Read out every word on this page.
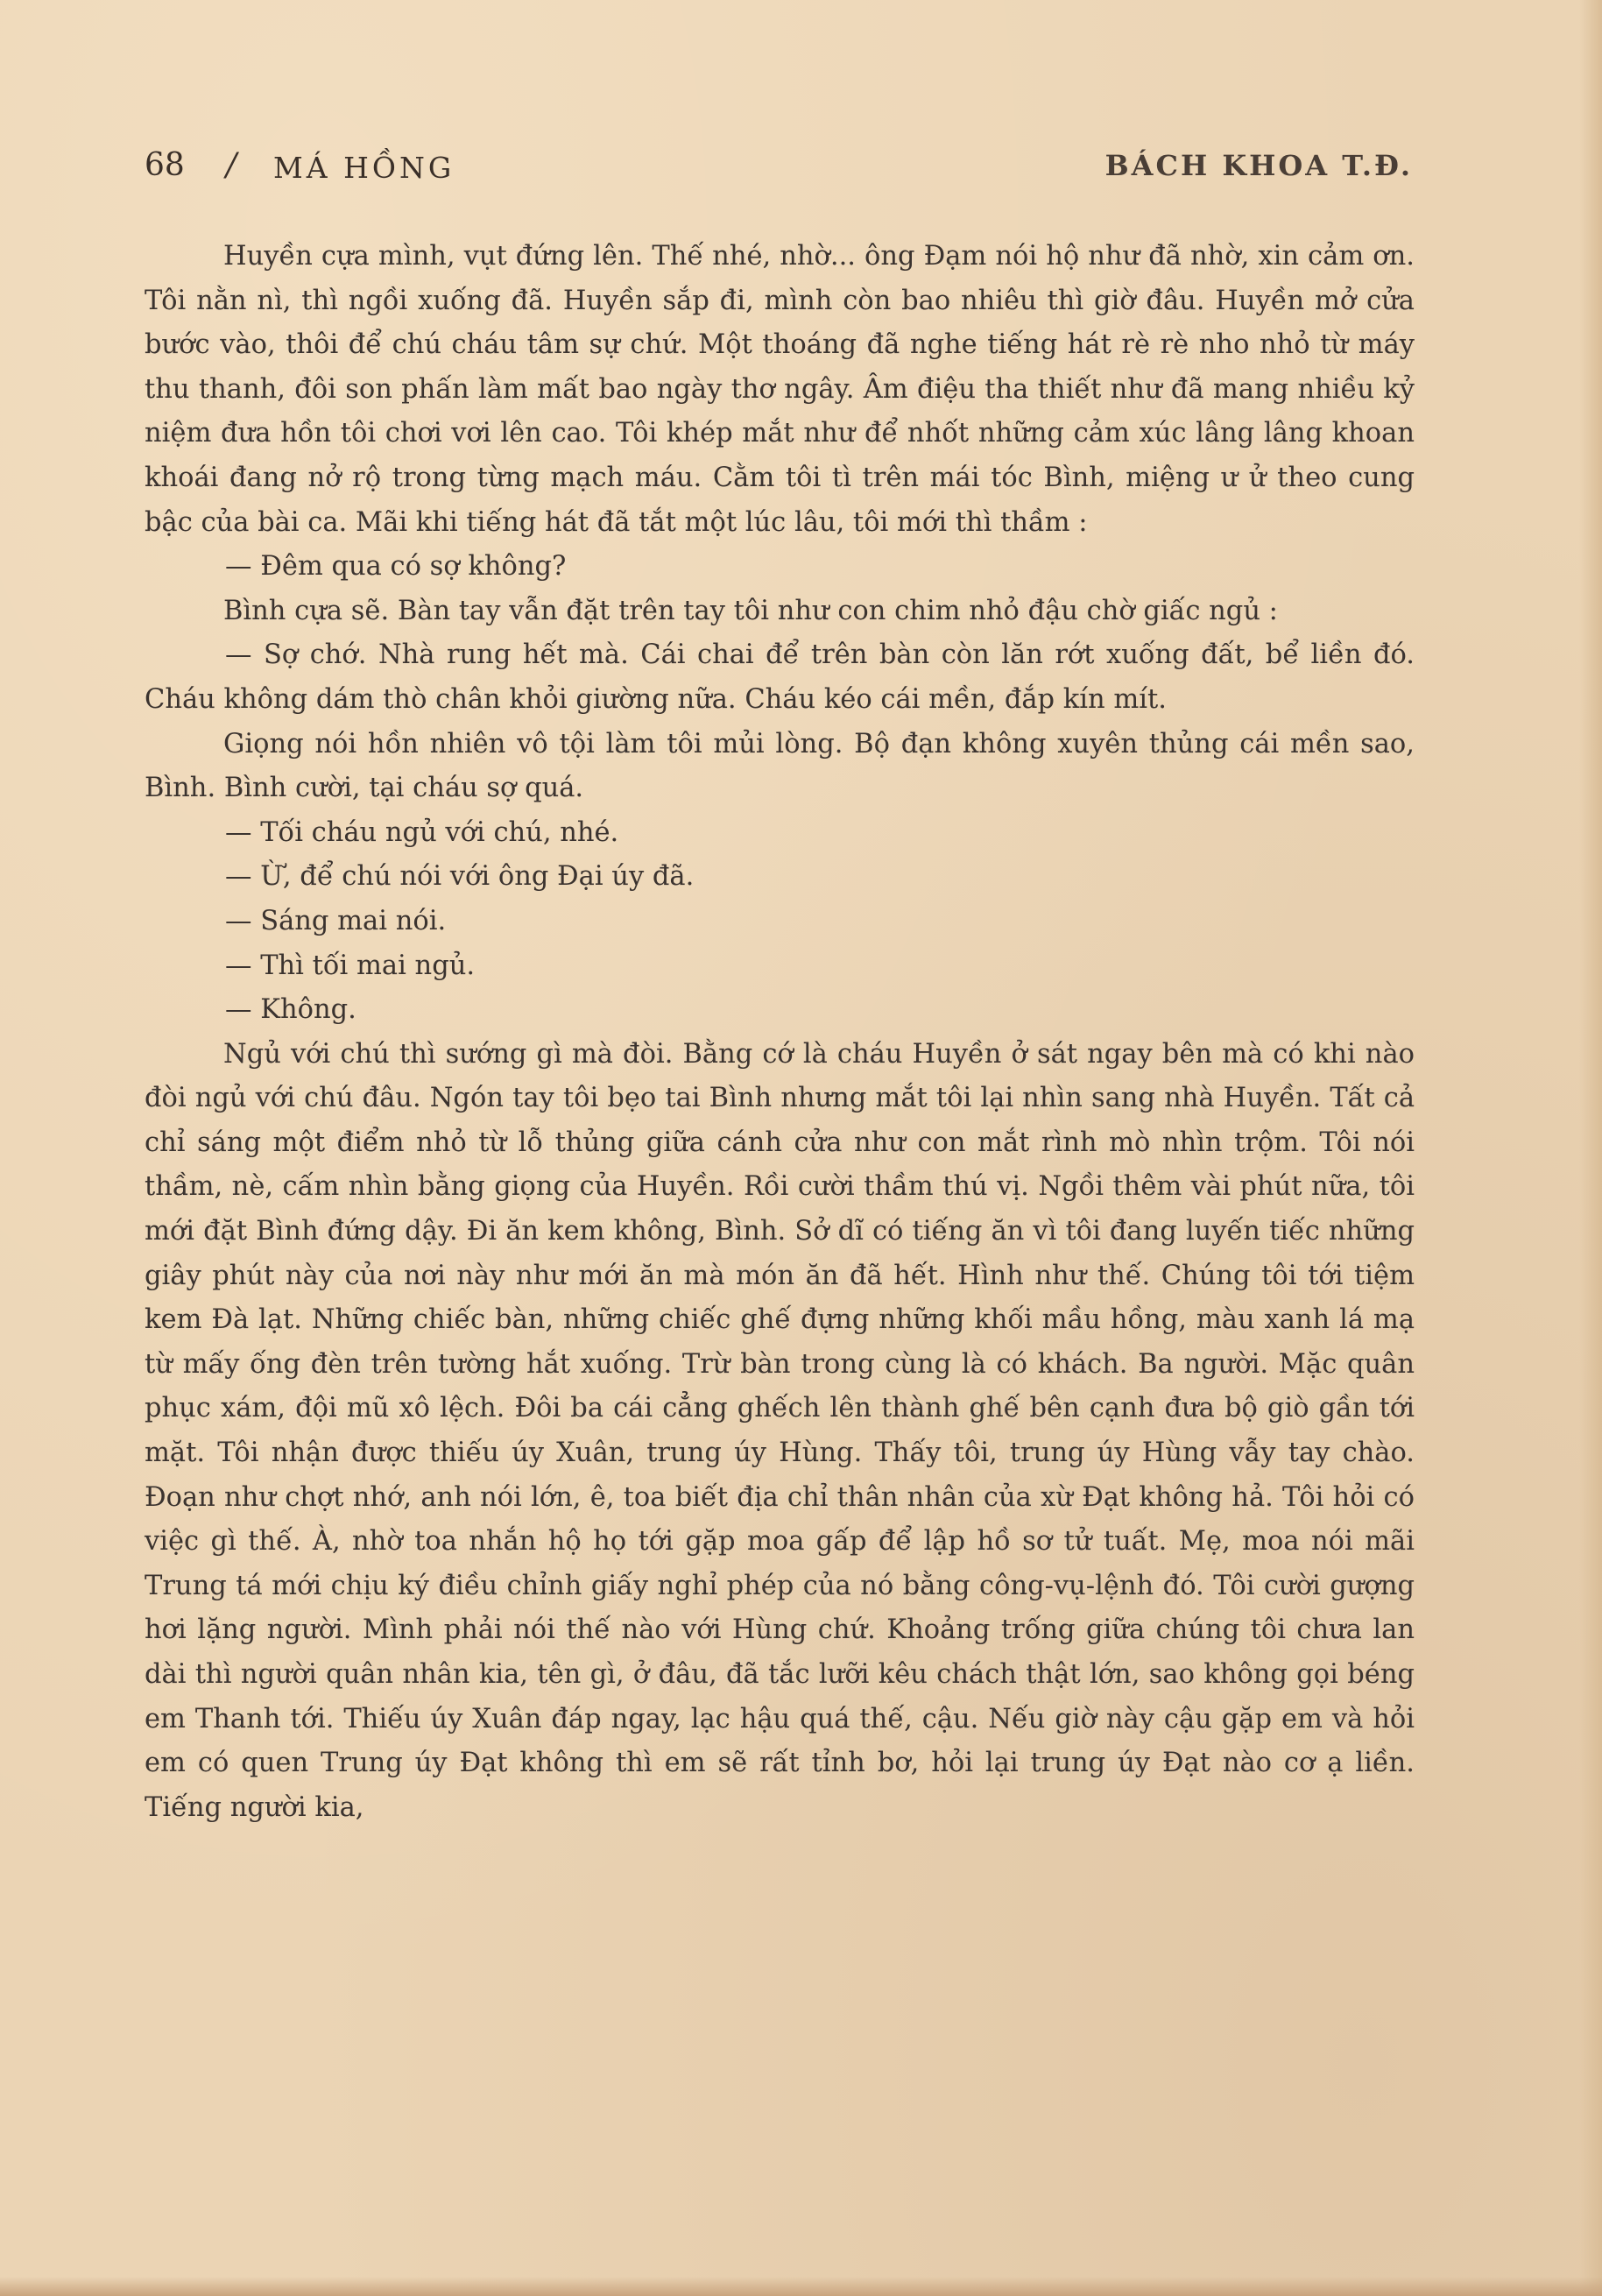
68 / MÁ HỒNG	BÁCH KHOA T.Đ.

Huyền cựa mình, vụt đứng lên. Thế nhé, nhờ... ông Đạm nói hộ như đã nhờ, xin cảm ơn. Tôi nằn nì, thì ngồi xuống đã. Huyền sắp đi, mình còn bao nhiêu thì giờ đâu. Huyền mở cửa bước vào, thôi để chú cháu tâm sự chứ. Một thoáng đã nghe tiếng hát rè rè nho nhỏ từ máy thu thanh, đôi son phấn làm mất bao ngày thơ ngây. Âm điệu tha thiết như đã mang nhiều kỷ niệm đưa hồn tôi chơi vơi lên cao. Tôi khép mắt như để nhốt những cảm xúc lâng lâng khoan khoái đang nở rộ trong từng mạch máu. Cằm tôi tì trên mái tóc Bình, miệng ư ử theo cung bậc của bài ca. Mãi khi tiếng hát đã tắt một lúc lâu, tôi mới thì thầm :

— Đêm qua có sợ không?

Bình cựa sẽ. Bàn tay vẫn đặt trên tay tôi như con chim nhỏ đậu chờ giấc ngủ :

— Sợ chớ. Nhà rung hết mà. Cái chai để trên bàn còn lăn rớt xuống đất, bể liền đó. Cháu không dám thò chân khỏi giường nữa. Cháu kéo cái mền, đắp kín mít.

Giọng nói hồn nhiên vô tội làm tôi mủi lòng. Bộ đạn không xuyên thủng cái mền sao, Bình. Bình cười, tại cháu sợ quá.

— Tối cháu ngủ với chú, nhé.

— Ừ, để chú nói với ông Đại úy đã.

— Sáng mai nói.

— Thì tối mai ngủ.

— Không.

Ngủ với chú thì sướng gì mà đòi. Bằng cớ là cháu Huyền ở sát ngay bên mà có khi nào đòi ngủ với chú đâu. Ngón tay tôi bẹo tai Bình nhưng mắt tôi lại nhìn sang nhà Huyền. Tất cả chỉ sáng một điểm nhỏ từ lỗ thủng giữa cánh cửa như con mắt rình mò nhìn trộm. Tôi nói thầm, nè, cấm nhìn bằng giọng của Huyền. Rồi cười thầm thú vị. Ngồi thêm vài phút nữa, tôi mới đặt Bình đứng dậy. Đi ăn kem không, Bình. Sở dĩ có tiếng ăn vì tôi đang luyến tiếc những giây phút này của nơi này như mới ăn mà món ăn đã hết. Hình như thế. Chúng tôi tới tiệm kem Đà lạt. Những chiếc bàn, những chiếc ghế đựng những khối mầu hồng, màu xanh lá mạ từ mấy ống đèn trên tường hắt xuống. Trừ bàn trong cùng là có khách. Ba người. Mặc quân phục xám, đội mũ xô lệch. Đôi ba cái cẳng ghếch lên thành ghế bên cạnh đưa bộ giò gần tới mặt. Tôi nhận được thiếu úy Xuân, trung úy Hùng. Thấy tôi, trung úy Hùng vẫy tay chào. Đoạn như chợt nhớ, anh nói lớn, ê, toa biết địa chỉ thân nhân của xừ Đạt không hả. Tôi hỏi có việc gì thế. À, nhờ toa nhắn hộ họ tới gặp moa gấp để lập hồ sơ tử tuất. Mẹ, moa nói mãi Trung tá mới chịu ký điều chỉnh giấy nghỉ phép của nó bằng công-vụ-lệnh đó. Tôi cười gượng hơi lặng người. Mình phải nói thế nào với Hùng chứ. Khoảng trống giữa chúng tôi chưa lan dài thì người quân nhân kia, tên gì, ở đâu, đã tắc lưỡi kêu chách thật lớn, sao không gọi béng em Thanh tới. Thiếu úy Xuân đáp ngay, lạc hậu quá thế, cậu. Nếu giờ này cậu gặp em và hỏi em có quen Trung úy Đạt không thì em sẽ rất tỉnh bơ, hỏi lại trung úy Đạt nào cơ ạ liền. Tiếng người kia,
